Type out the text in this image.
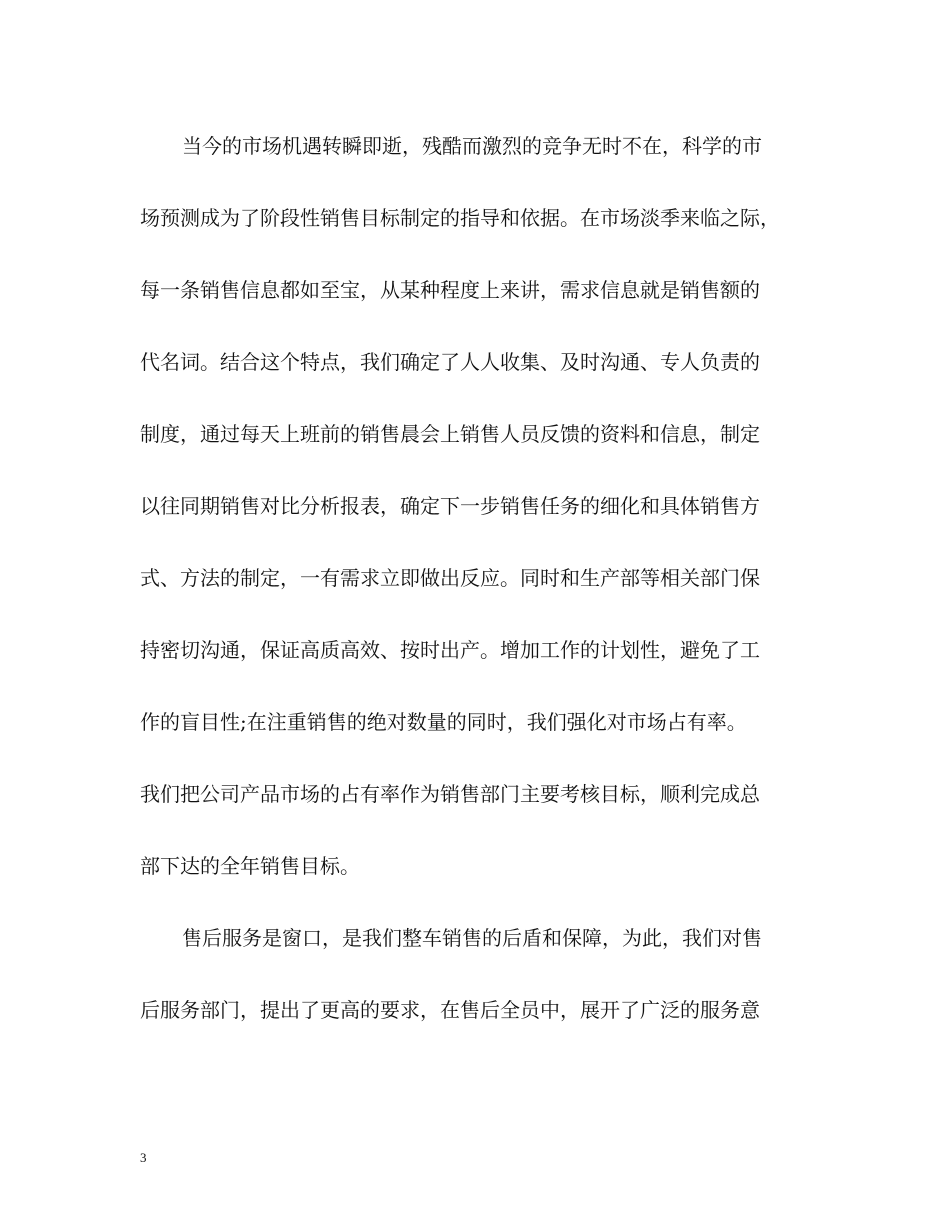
当今的市场机遇转瞬即逝，残酷而激烈的竞争无时不在，科学的市
场预测成为了阶段性销售目标制定的指导和依据。在市场淡季来临之际，
每一条销售信息都如至宝，从某种程度上来讲，需求信息就是销售额的
代名词。结合这个特点，我们确定了人人收集、及时沟通、专人负责的
制度，通过每天上班前的销售晨会上销售人员反馈的资料和信息，制定
以往同期销售对比分析报表，确定下一步销售任务的细化和具体销售方
式、方法的制定，一有需求立即做出反应。同时和生产部等相关部门保
持密切沟通，保证高质高效、按时出产。增加工作的计划性，避免了工
作的盲目性;在注重销售的绝对数量的同时，我们强化对市场占有率。
我们把公司产品市场的占有率作为销售部门主要考核目标，顺利完成总
部下达的全年销售目标。
售后服务是窗口，是我们整车销售的后盾和保障，为此，我们对售
后服务部门，提出了更高的要求，在售后全员中，展开了广泛的服务意
3
